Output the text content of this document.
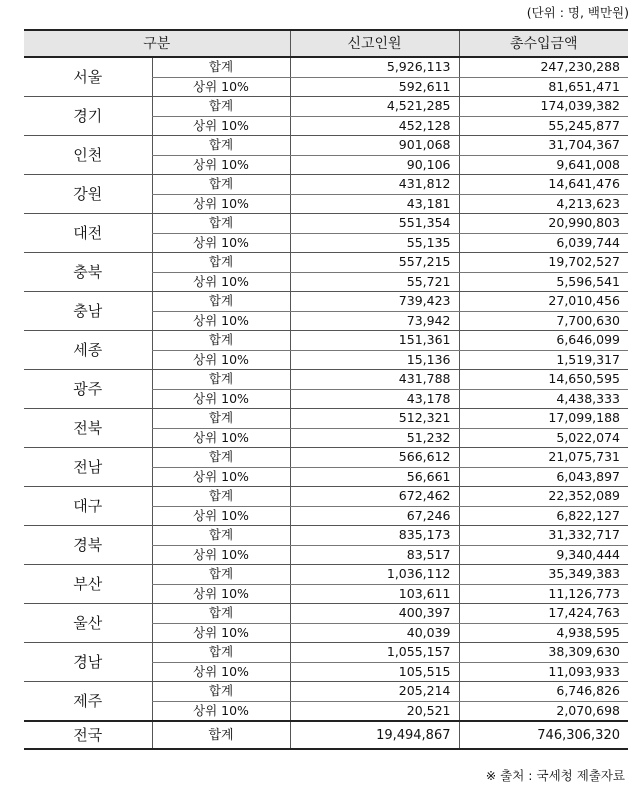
(단위 : 명, 백만원)
구분		신고인원	총수입금액
서울	합계	5,926,113	247,230,288
	상위 10%	592,611	81,651,471
경기	합계	4,521,285	174,039,382
	상위 10%	452,128	55,245,877
인천	합계	901,068	31,704,367
	상위 10%	90,106	9,641,008
강원	합계	431,812	14,641,476
	상위 10%	43,181	4,213,623
대전	합계	551,354	20,990,803
	상위 10%	55,135	6,039,744
충북	합계	557,215	19,702,527
	상위 10%	55,721	5,596,541
충남	합계	739,423	27,010,456
	상위 10%	73,942	7,700,630
세종	합계	151,361	6,646,099
	상위 10%	15,136	1,519,317
광주	합계	431,788	14,650,595
	상위 10%	43,178	4,438,333
전북	합계	512,321	17,099,188
	상위 10%	51,232	5,022,074
전남	합계	566,612	21,075,731
	상위 10%	56,661	6,043,897
대구	합계	672,462	22,352,089
	상위 10%	67,246	6,822,127
경북	합계	835,173	31,332,717
	상위 10%	83,517	9,340,444
부산	합계	1,036,112	35,349,383
	상위 10%	103,611	11,126,773
울산	합계	400,397	17,424,763
	상위 10%	40,039	4,938,595
경남	합계	1,055,157	38,309,630
	상위 10%	105,515	11,093,933
제주	합계	205,214	6,746,826
	상위 10%	20,521	2,070,698
전국	합계	19,494,867	746,306,320
※ 출처 : 국세청 제출자료
